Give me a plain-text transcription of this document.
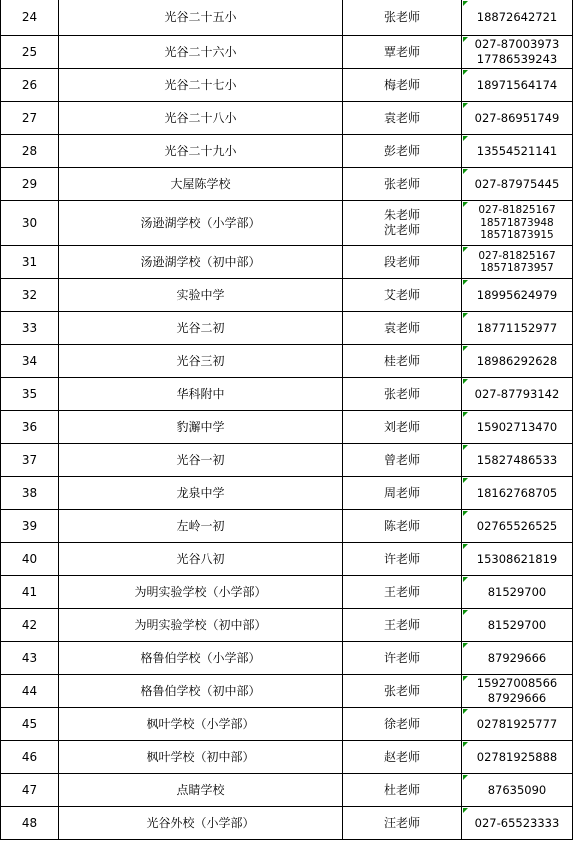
24	光谷二十五小	张老师	18872642721

25	光谷二十六小	覃老师	027-87003973
17786539243

26	光谷二十七小	梅老师	18971564174

27	光谷二十八小	袁老师	027-86951749

28	光谷二十九小	彭老师	13554521141

29	大屋陈学校	张老师	027-87975445

30	汤逊湖学校（小学部）	朱老师
沈老师	027-81825167
18571873948
18571873915

31	汤逊湖学校（初中部）	段老师	027-81825167
18571873957

32	实验中学	艾老师	18995624979

33	光谷二初	袁老师	18771152977

34	光谷三初	桂老师	18986292628

35	华科附中	张老师	027-87793142

36	豹澥中学	刘老师	15902713470

37	光谷一初	曾老师	15827486533

38	龙泉中学	周老师	18162768705

39	左岭一初	陈老师	02765526525

40	光谷八初	许老师	15308621819

41	为明实验学校（小学部）	王老师	81529700

42	为明实验学校（初中部）	王老师	81529700

43	格鲁伯学校（小学部）	许老师	87929666

44	格鲁伯学校（初中部）	张老师	15927008566
87929666

45	枫叶学校（小学部）	徐老师	02781925777

46	枫叶学校（初中部）	赵老师	02781925888

47	点睛学校	杜老师	87635090

48	光谷外校（小学部）	汪老师	027-65523333
